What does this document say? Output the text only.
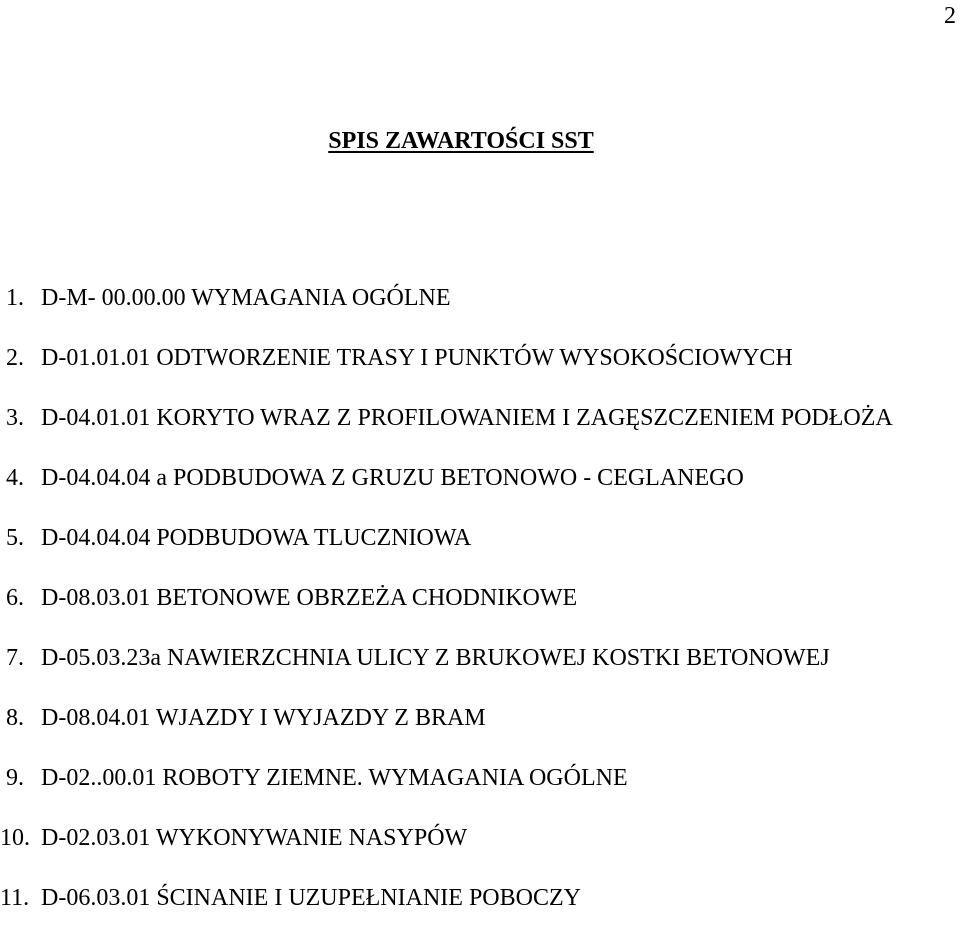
2
SPIS ZAWARTOŚCI SST
1. D-M- 00.00.00 WYMAGANIA OGÓLNE
2. D-01.01.01 ODTWORZENIE TRASY I PUNKTÓW WYSOKOŚCIOWYCH
3. D-04.01.01 KORYTO WRAZ Z PROFILOWANIEM I ZAGĘSZCZENIEM PODŁOŻA
4. D-04.04.04 a PODBUDOWA Z GRUZU BETONOWO - CEGLANEGO
5. D-04.04.04 PODBUDOWA TLUCZNIOWA
6. D-08.03.01 BETONOWE OBRZEŻA CHODNIKOWE
7. D-05.03.23a NAWIERZCHNIA ULICY Z BRUKOWEJ KOSTKI BETONOWEJ
8. D-08.04.01 WJAZDY I WYJAZDY Z BRAM
9. D-02..00.01 ROBOTY ZIEMNE. WYMAGANIA OGÓLNE
10. D-02.03.01 WYKONYWANIE NASYPÓW
11. D-06.03.01 ŚCINANIE I UZUPEŁNIANIE POBOCZY
